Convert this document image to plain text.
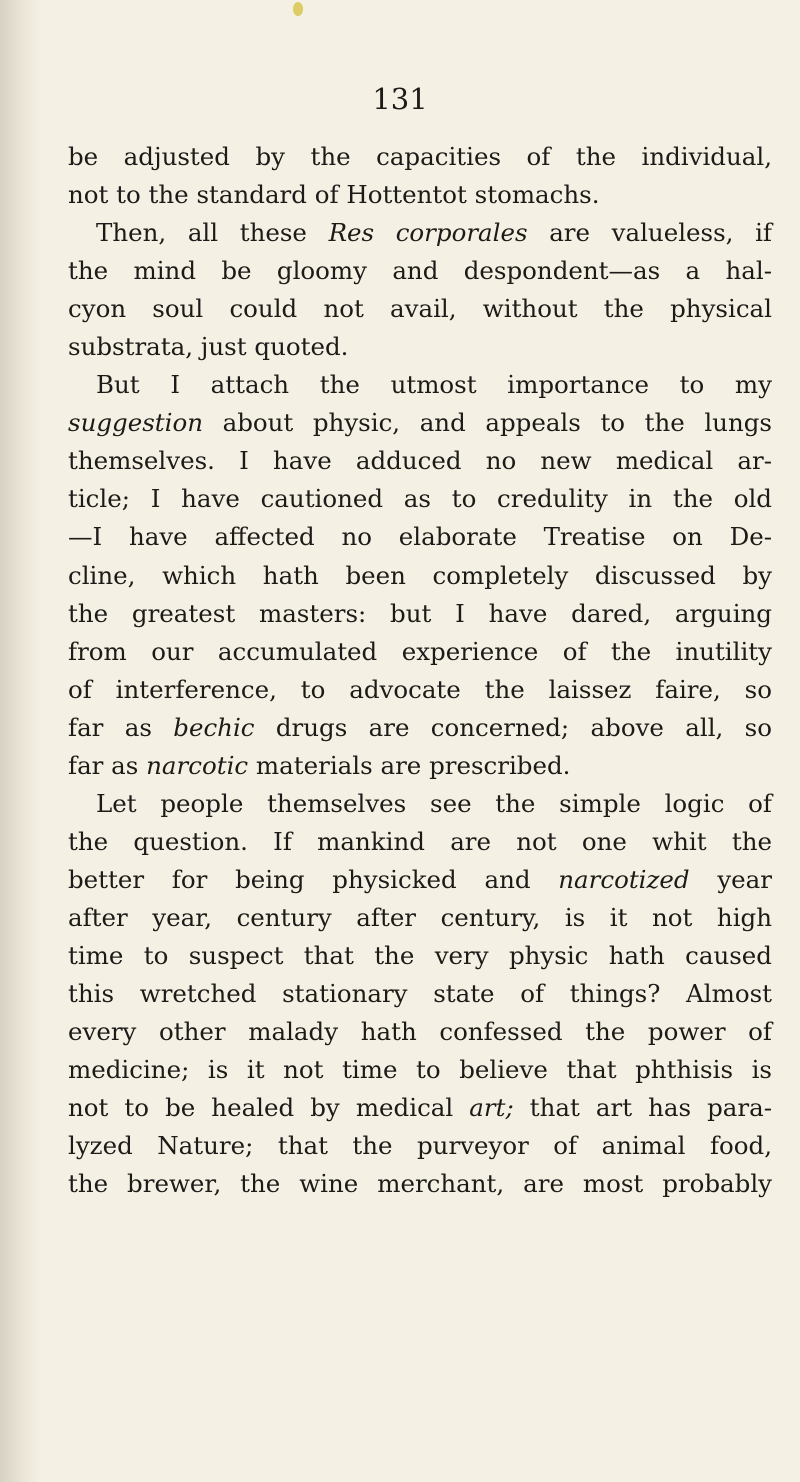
131
be adjusted by the capacities of the individual,
not to the standard of Hottentot stomachs.
Then, all these Res corporales are valueless, if
the mind be gloomy and despondent—as a hal-
cyon soul could not avail, without the physical
substrata, just quoted.
But I attach the utmost importance to my
suggestion about physic, and appeals to the lungs
themselves. I have adduced no new medical ar-
ticle; I have cautioned as to credulity in the old
—I have affected no elaborate Treatise on De-
cline, which hath been completely discussed by
the greatest masters: but I have dared, arguing
from our accumulated experience of the inutility
of interference, to advocate the laissez faire, so
far as bechic drugs are concerned; above all, so
far as narcotic materials are prescribed.
Let people themselves see the simple logic of
the question. If mankind are not one whit the
better for being physicked and narcotized year
after year, century after century, is it not high
time to suspect that the very physic hath caused
this wretched stationary state of things? Almost
every other malady hath confessed the power of
medicine; is it not time to believe that phthisis is
not to be healed by medical art; that art has para-
lyzed Nature; that the purveyor of animal food,
the brewer, the wine merchant, are most probably
